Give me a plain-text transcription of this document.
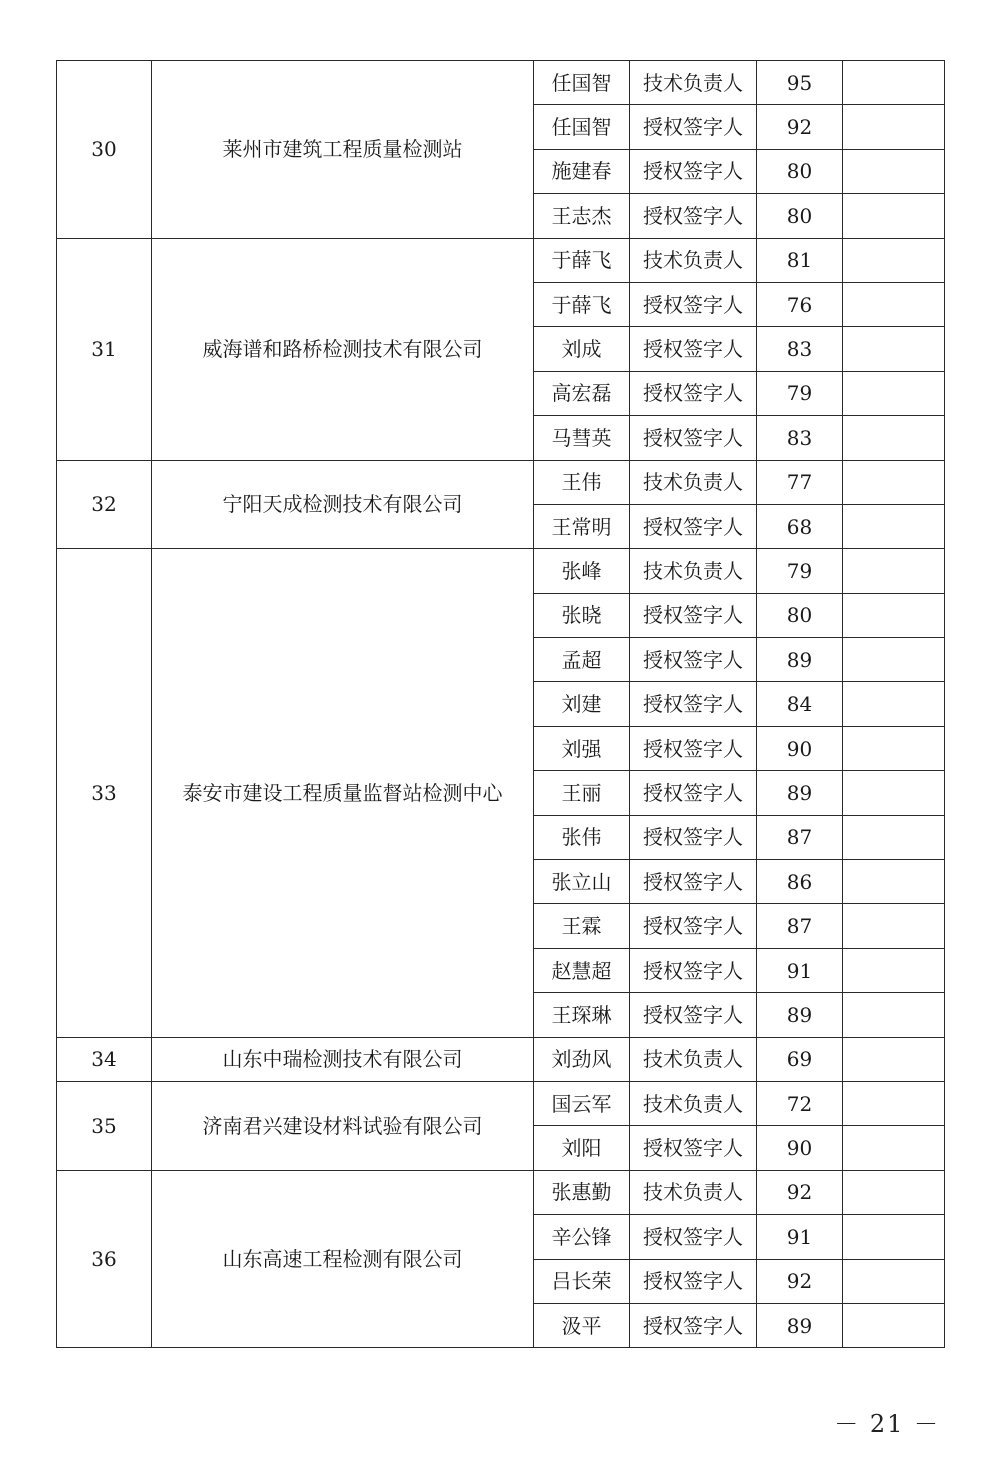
30	莱州市建筑工程质量检测站	任国智	技术负责人	95	
		任国智	授权签字人	92	
		施建春	授权签字人	80	
		王志杰	授权签字人	80	
31	威海谱和路桥检测技术有限公司	于薛飞	技术负责人	81	
		于薛飞	授权签字人	76	
		刘成	授权签字人	83	
		高宏磊	授权签字人	79	
		马彗英	授权签字人	83	
32	宁阳天成检测技术有限公司	王伟	技术负责人	77	
		王常明	授权签字人	68	
33	泰安市建设工程质量监督站检测中心	张峰	技术负责人	79	
		张晓	授权签字人	80	
		孟超	授权签字人	89	
		刘建	授权签字人	84	
		刘强	授权签字人	90	
		王丽	授权签字人	89	
		张伟	授权签字人	87	
		张立山	授权签字人	86	
		王霖	授权签字人	87	
		赵慧超	授权签字人	91	
		王琛琳	授权签字人	89	
34	山东中瑞检测技术有限公司	刘劲风	技术负责人	69	
35	济南君兴建设材料试验有限公司	国云军	技术负责人	72	
		刘阳	授权签字人	90	
36	山东高速工程检测有限公司	张惠勤	技术负责人	92	
		辛公锋	授权签字人	91	
		吕长荣	授权签字人	92	
		汲平	授权签字人	89	
－ 21 －
